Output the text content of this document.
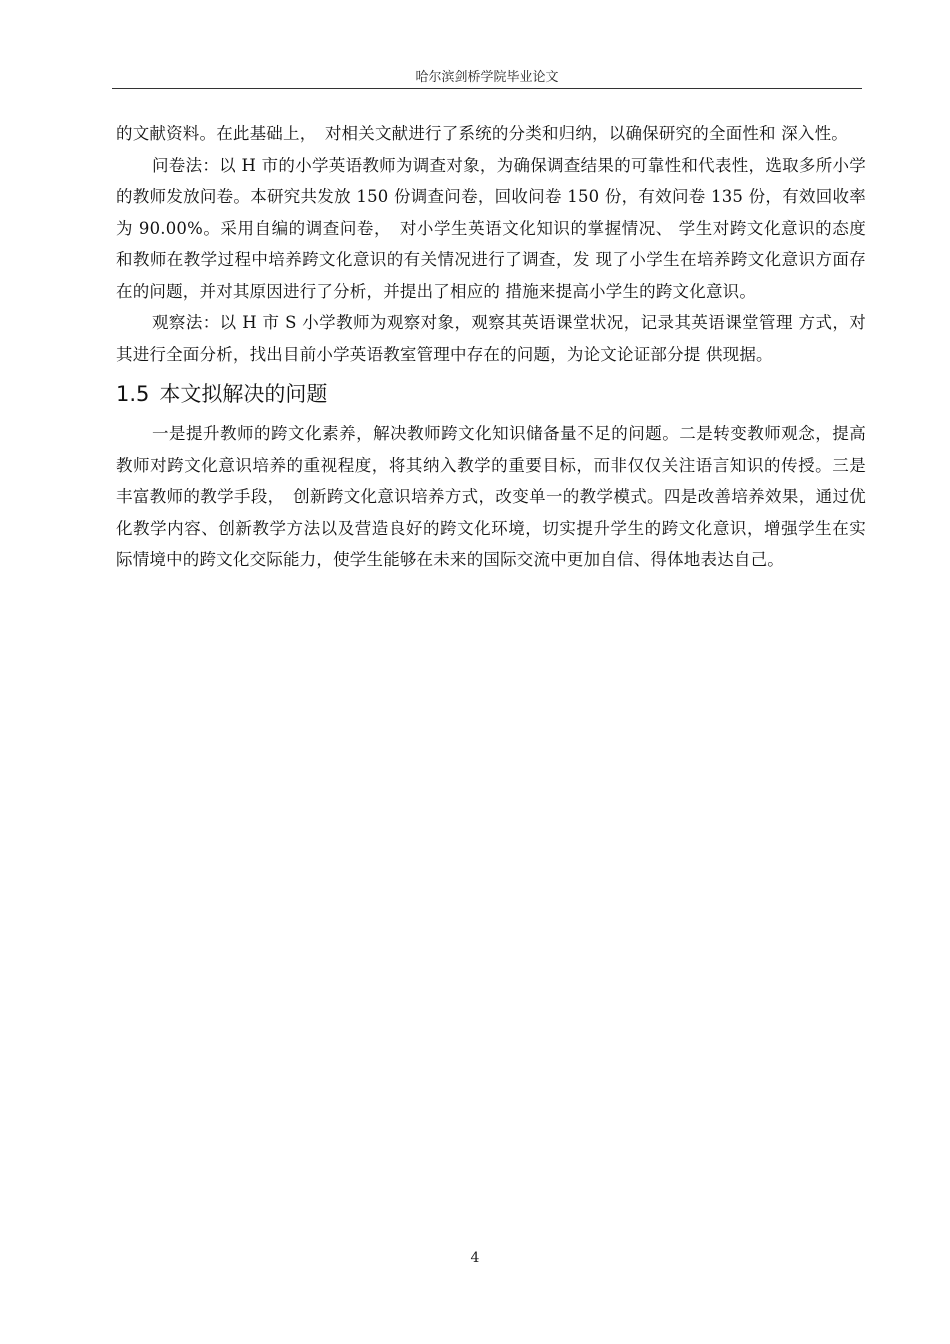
哈尔滨剑桥学院毕业论文

的文献资料。在此基础上，　对相关文献进行了系统的分类和归纳，以确保研究的全面性和 深入性。

问卷法：以 H 市的小学英语教师为调查对象，为确保调查结果的可靠性和代表性，选取多所小学的教师发放问卷。本研究共发放 150 份调查问卷，回收问卷 150 份，有效问卷 135 份，有效回收率为 90.00%。采用自编的调查问卷，　对小学生英语文化知识的掌握情况、 学生对跨文化意识的态度和教师在教学过程中培养跨文化意识的有关情况进行了调查，发 现了小学生在培养跨文化意识方面存在的问题，并对其原因进行了分析，并提出了相应的 措施来提高小学生的跨文化意识。

观察法：以 H 市 S 小学教师为观察对象，观察其英语课堂状况，记录其英语课堂管理 方式，对其进行全面分析，找出目前小学英语教室管理中存在的问题，为论文论证部分提 供现据。

1.5 本文拟解决的问题

一是提升教师的跨文化素养，解决教师跨文化知识储备量不足的问题。二是转变教师观念，提高教师对跨文化意识培养的重视程度，将其纳入教学的重要目标，而非仅仅关注语言知识的传授。三是丰富教师的教学手段，　创新跨文化意识培养方式，改变单一的教学模式。四是改善培养效果，通过优化教学内容、创新教学方法以及营造良好的跨文化环境，切实提升学生的跨文化意识，增强学生在实际情境中的跨文化交际能力，使学生能够在未来的国际交流中更加自信、得体地表达自己。

4
